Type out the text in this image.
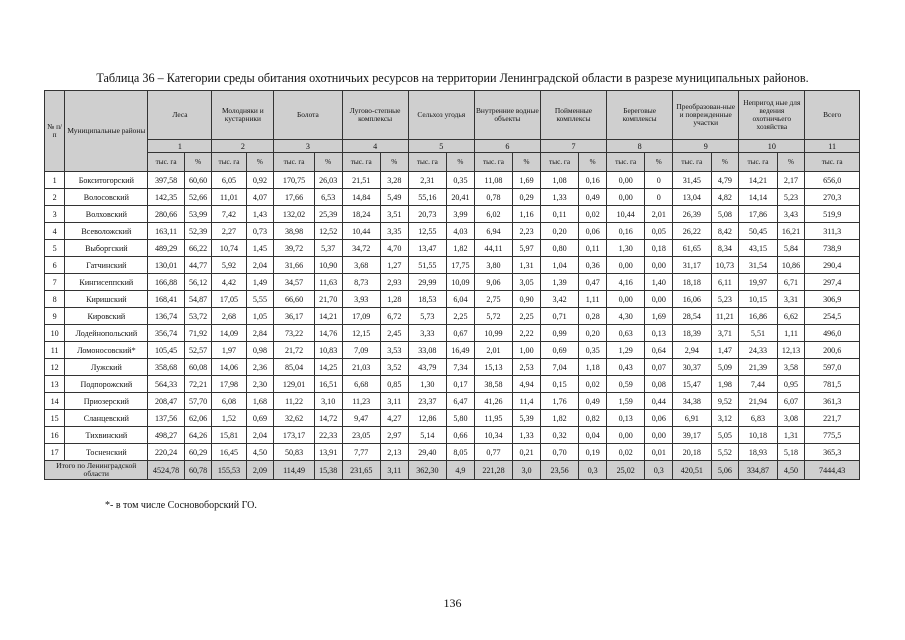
Таблица 36 – Категории среды обитания охотничьих ресурсов на территории Ленинградской области в разрезе муниципальных районов.
№ п/п	Муниципальные районы	Леса		Молодняки и кустарники		Болота		Лугово-степные комплексы		Сельхоз угодья		Внутренние водные объекты		Пойменные комплексы		Береговые комплексы		Преобразован-ные и поврежденные участки		Непригод ные для ведения охотничьего хозяйства		Всего
		1		2		3		4		5		6		7		8		9		10		11
		тыс. га	%	тыс. га	%	тыс. га	%	тыс. га	%	тыс. га	%	тыс. га	%	тыс. га	%	тыс. га	%	тыс. га	%	тыс. га	%	тыс. га
1	Бокситогорский	397,58	60,60	6,05	0,92	170,75	26,03	21,51	3,28	2,31	0,35	11,08	1,69	1,08	0,16	0,00	0	31,45	4,79	14,21	2,17	656,0
2	Волосовский	142,35	52,66	11,01	4,07	17,66	6,53	14,84	5,49	55,16	20,41	0,78	0,29	1,33	0,49	0,00	0	13,04	4,82	14,14	5,23	270,3
3	Волховский	280,66	53,99	7,42	1,43	132,02	25,39	18,24	3,51	20,73	3,99	6,02	1,16	0,11	0,02	10,44	2,01	26,39	5,08	17,86	3,43	519,9
4	Всеволожский	163,11	52,39	2,27	0,73	38,98	12,52	10,44	3,35	12,55	4,03	6,94	2,23	0,20	0,06	0,16	0,05	26,22	8,42	50,45	16,21	311,3
5	Выборгский	489,29	66,22	10,74	1,45	39,72	5,37	34,72	4,70	13,47	1,82	44,11	5,97	0,80	0,11	1,30	0,18	61,65	8,34	43,15	5,84	738,9
6	Гатчинский	130,01	44,77	5,92	2,04	31,66	10,90	3,68	1,27	51,55	17,75	3,80	1,31	1,04	0,36	0,00	0,00	31,17	10,73	31,54	10,86	290,4
7	Кингисеппский	166,88	56,12	4,42	1,49	34,57	11,63	8,73	2,93	29,99	10,09	9,06	3,05	1,39	0,47	4,16	1,40	18,18	6,11	19,97	6,71	297,4
8	Киришский	168,41	54,87	17,05	5,55	66,60	21,70	3,93	1,28	18,53	6,04	2,75	0,90	3,42	1,11	0,00	0,00	16,06	5,23	10,15	3,31	306,9
9	Кировский	136,74	53,72	2,68	1,05	36,17	14,21	17,09	6,72	5,73	2,25	5,72	2,25	0,71	0,28	4,30	1,69	28,54	11,21	16,86	6,62	254,5
10	Лодейнопольский	356,74	71,92	14,09	2,84	73,22	14,76	12,15	2,45	3,33	0,67	10,99	2,22	0,99	0,20	0,63	0,13	18,39	3,71	5,51	1,11	496,0
11	Ломоносовский*	105,45	52,57	1,97	0,98	21,72	10,83	7,09	3,53	33,08	16,49	2,01	1,00	0,69	0,35	1,29	0,64	2,94	1,47	24,33	12,13	200,6
12	Лужский	358,68	60,08	14,06	2,36	85,04	14,25	21,03	3,52	43,79	7,34	15,13	2,53	7,04	1,18	0,43	0,07	30,37	5,09	21,39	3,58	597,0
13	Подпорожский	564,33	72,21	17,98	2,30	129,01	16,51	6,68	0,85	1,30	0,17	38,58	4,94	0,15	0,02	0,59	0,08	15,47	1,98	7,44	0,95	781,5
14	Приозерский	208,47	57,70	6,08	1,68	11,22	3,10	11,23	3,11	23,37	6,47	41,26	11,4	1,76	0,49	1,59	0,44	34,38	9,52	21,94	6,07	361,3
15	Сланцевский	137,56	62,06	1,52	0,69	32,62	14,72	9,47	4,27	12,86	5,80	11,95	5,39	1,82	0,82	0,13	0,06	6,91	3,12	6,83	3,08	221,7
16	Тихвинский	498,27	64,26	15,81	2,04	173,17	22,33	23,05	2,97	5,14	0,66	10,34	1,33	0,32	0,04	0,00	0,00	39,17	5,05	10,18	1,31	775,5
17	Тосненский	220,24	60,29	16,45	4,50	50,83	13,91	7,77	2,13	29,40	8,05	0,77	0,21	0,70	0,19	0,02	0,01	20,18	5,52	18,93	5,18	365,3
Итого по Ленинградской области		4524,78	60,78	155,53	2,09	114,49	15,38	231,65	3,11	362,30	4,9	221,28	3,0	23,56	0,3	25,02	0,3	420,51	5,06	334,87	4,50	7444,43
*- в том числе Сосновоборский ГО.
136
